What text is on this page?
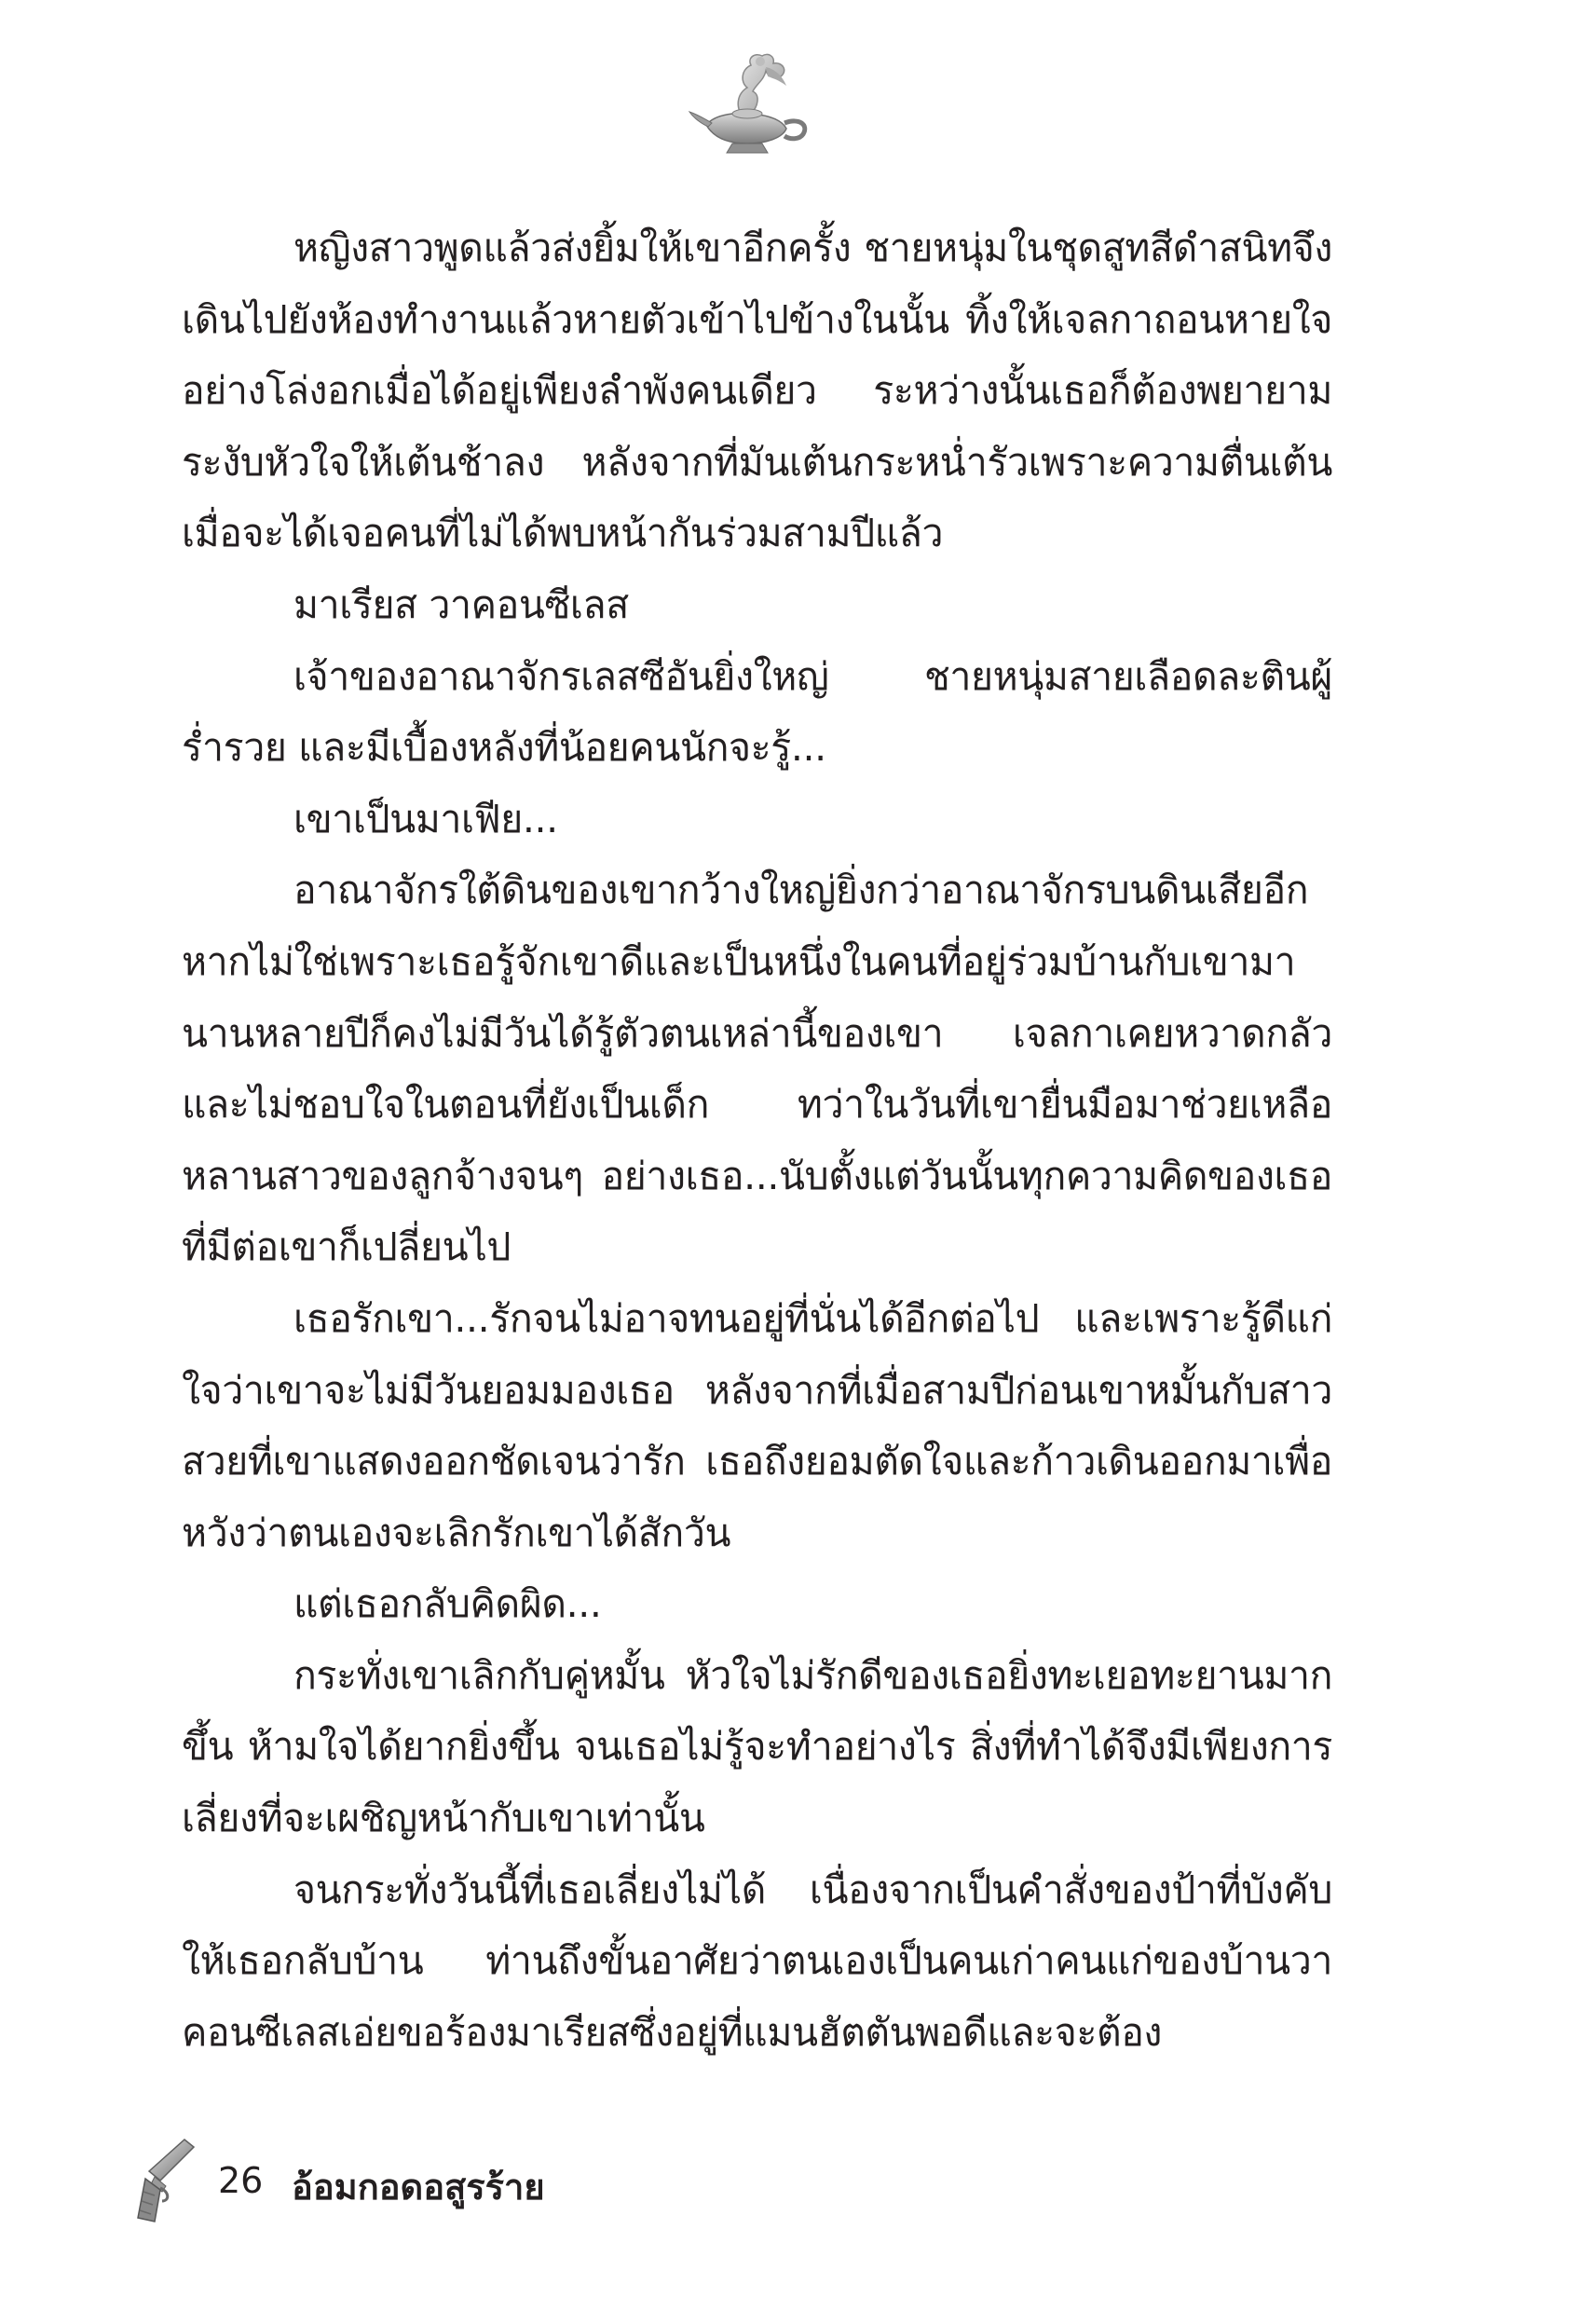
หญิงสาวพูดแล้วส่งยิ้มให้เขาอีกครั้ง ชายหนุ่มในชุดสูทสีดำสนิทจึงเดินไปยังห้องทำงานแล้วหายตัวเข้าไปข้างในนั้น ทิ้งให้เจลกาถอนหายใจอย่างโล่งอกเมื่อได้อยู่เพียงลำพังคนเดียว ระหว่างนั้นเธอก็ต้องพยายามระงับหัวใจให้เต้นช้าลง หลังจากที่มันเต้นกระหน่ำรัวเพราะความตื่นเต้นเมื่อจะได้เจอคนที่ไม่ได้พบหน้ากันร่วมสามปีแล้ว

มาเรียส วาคอนซีเลส

เจ้าของอาณาจักรเลสซีอันยิ่งใหญ่ ชายหนุ่มสายเลือดละตินผู้ร่ำรวย และมีเบื้องหลังที่น้อยคนนักจะรู้...

เขาเป็นมาเฟีย...

อาณาจักรใต้ดินของเขากว้างใหญ่ยิ่งกว่าอาณาจักรบนดินเสียอีก หากไม่ใช่เพราะเธอรู้จักเขาดีและเป็นหนึ่งในคนที่อยู่ร่วมบ้านกับเขามานานหลายปีก็คงไม่มีวันได้รู้ตัวตนเหล่านี้ของเขา เจลกาเคยหวาดกลัวและไม่ชอบใจในตอนที่ยังเป็นเด็ก ทว่าในวันที่เขายื่นมือมาช่วยเหลือหลานสาวของลูกจ้างจนๆ อย่างเธอ...นับตั้งแต่วันนั้นทุกความคิดของเธอที่มีต่อเขาก็เปลี่ยนไป

เธอรักเขา...รักจนไม่อาจทนอยู่ที่นั่นได้อีกต่อไป และเพราะรู้ดีแก่ใจว่าเขาจะไม่มีวันยอมมองเธอ หลังจากที่เมื่อสามปีก่อนเขาหมั้นกับสาวสวยที่เขาแสดงออกชัดเจนว่ารัก เธอถึงยอมตัดใจและก้าวเดินออกมาเพื่อหวังว่าตนเองจะเลิกรักเขาได้สักวัน

แต่เธอกลับคิดผิด...

กระทั่งเขาเลิกกับคู่หมั้น หัวใจไม่รักดีของเธอยิ่งทะเยอทะยานมากขึ้น ห้ามใจได้ยากยิ่งขึ้น จนเธอไม่รู้จะทำอย่างไร สิ่งที่ทำได้จึงมีเพียงการเลี่ยงที่จะเผชิญหน้ากับเขาเท่านั้น

จนกระทั่งวันนี้ที่เธอเลี่ยงไม่ได้ เนื่องจากเป็นคำสั่งของป้าที่บังคับให้เธอกลับบ้าน ท่านถึงขั้นอาศัยว่าตนเองเป็นคนเก่าคนแก่ของบ้านวาคอนซีเลสเอ่ยขอร้องมาเรียสซึ่งอยู่ที่แมนฮัตตันพอดีและจะต้อง

26 อ้อมกอดอสูรร้าย
